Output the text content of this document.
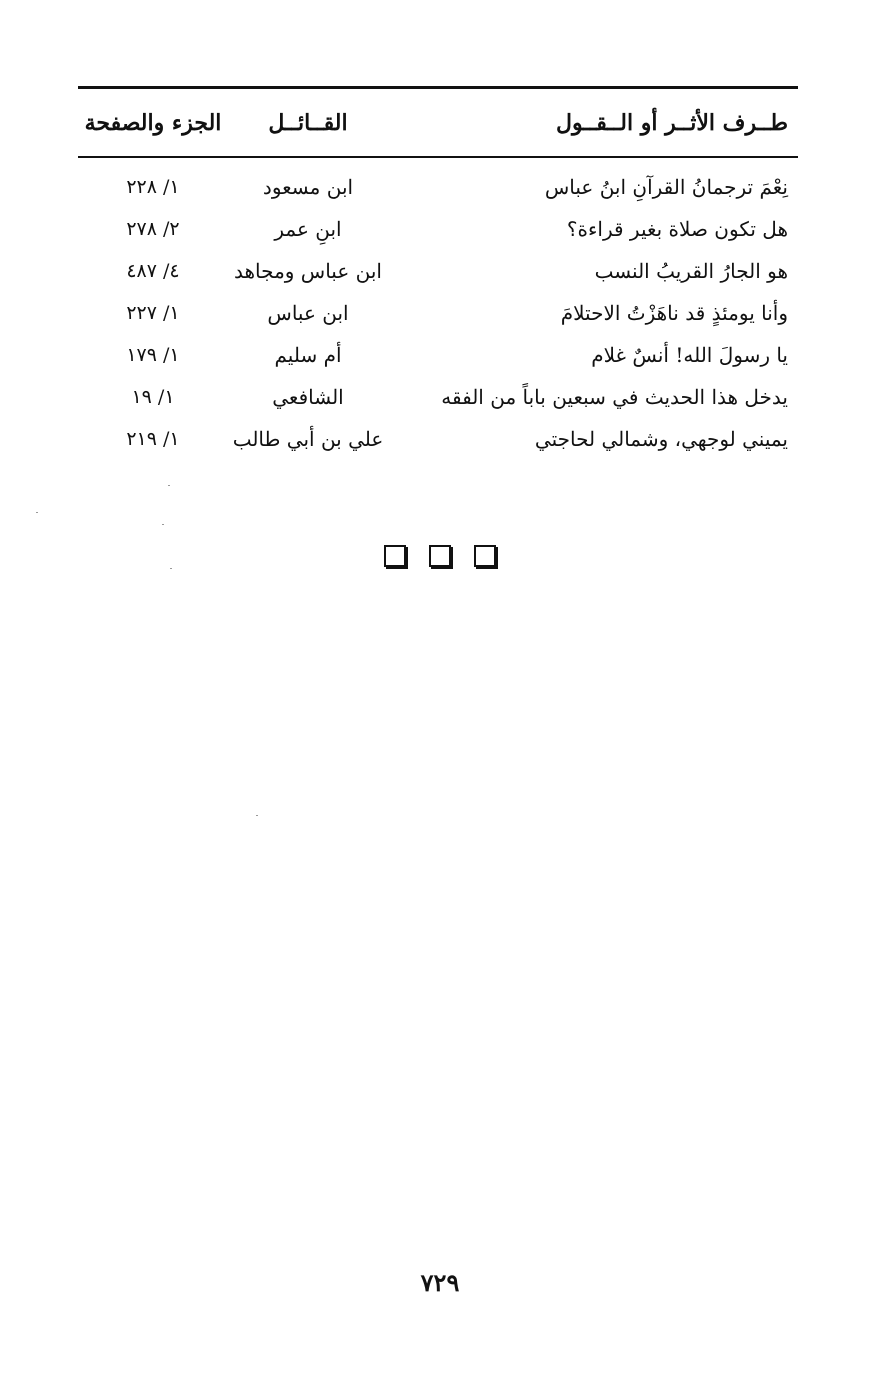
طــرف الأثــر أو الــقــول
القــائــل
الجزء والصفحة
نِعْمَ ترجمانُ القرآنِ ابنُ عباس
ابن مسعود
١/ ٢٢٨
هل تكون صلاة بغير قراءة؟
ابنِ عمر
٢/ ٢٧٨
هو الجارُ القريبُ النسب
ابن عباس ومجاهد
٤/ ٤٨٧
وأنا يومئذٍ قد ناهَزْتُ الاحتلامَ
ابن عباس
١/ ٢٢٧
يا رسولَ الله! أنسٌ غلام
أم سليم
١/ ١٧٩
يدخل هذا الحديث في سبعين باباً من الفقه
الشافعي
١/ ١٩
يميني لوجهي، وشمالي لحاجتي
علي بن أبي طالب
١/ ٢١٩
٧٢٩
